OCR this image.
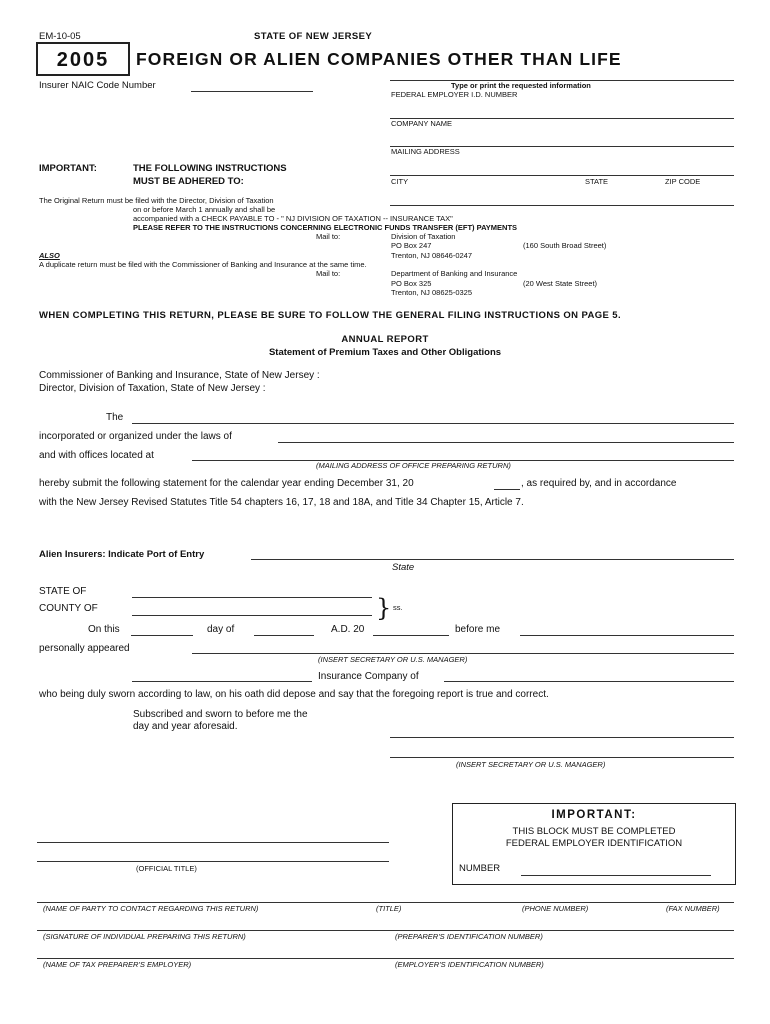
EM-10-05	STATE OF NEW JERSEY
2005	FOREIGN OR ALIEN COMPANIES OTHER THAN LIFE
Insurer NAIC Code Number	Type or print the requested information
FEDERAL EMPLOYER I.D. NUMBER
COMPANY NAME
MAILING ADDRESS
CITY	STATE	ZIP CODE
IMPORTANT:	THE FOLLOWING INSTRUCTIONS
MUST BE ADHERED TO:
The Original Return must be filed with the Director, Division of Taxation
on or before March 1 annually and shall be
accompanied with a CHECK PAYABLE TO - " NJ DIVISION OF TAXATION -- INSURANCE TAX"
PLEASE REFER TO THE INSTRUCTIONS CONCERNING ELECTRONIC FUNDS TRANSFER (EFT) PAYMENTS
Mail to:	Division of Taxation
PO Box 247	(160 South Broad Street)
Trenton, NJ 08646-0247
ALSO
A duplicate return must be filed with the Commissioner of Banking and Insurance at the same time.
Mail to:	Department of Banking and Insurance
PO Box 325	(20 West State Street)
Trenton, NJ 08625-0325
WHEN COMPLETING THIS RETURN, PLEASE BE SURE TO FOLLOW THE GENERAL FILING INSTRUCTIONS ON PAGE 5.
ANNUAL REPORT
Statement of Premium Taxes and Other Obligations
Commissioner of Banking and Insurance, State of New Jersey :
Director, Division of Taxation, State of New Jersey :
The
incorporated or organized under the laws of
and with offices located at
(MAILING ADDRESS OF OFFICE PREPARING RETURN)
hereby submit the following statement for the calendar year ending December 31, 20	, as required by, and in accordance
with the New Jersey Revised Statutes Title 54 chapters 16, 17, 18 and 18A, and Title 34 Chapter 15, Article 7.
Alien Insurers: Indicate Port of Entry
State
STATE OF
COUNTY OF	} ss.
On this	day of	A.D. 20	before me
personally appeared
(INSERT SECRETARY OR U.S. MANAGER)
Insurance Company of
who being duly sworn according to law, on his oath did depose and say that the foregoing report is true and correct.
Subscribed and sworn to before me the
day and year aforesaid.
(INSERT SECRETARY OR U.S. MANAGER)
IMPORTANT:
THIS BLOCK MUST BE COMPLETED
FEDERAL EMPLOYER IDENTIFICATION
NUMBER
(OFFICIAL TITLE)
(NAME OF PARTY TO CONTACT REGARDING THIS RETURN)	(TITLE)	(PHONE NUMBER)	(FAX NUMBER)
(SIGNATURE OF INDIVIDUAL PREPARING THIS RETURN)	(PREPARER'S IDENTIFICATION NUMBER)
(NAME OF TAX PREPARER'S EMPLOYER)	(EMPLOYER'S IDENTIFICATION NUMBER)
